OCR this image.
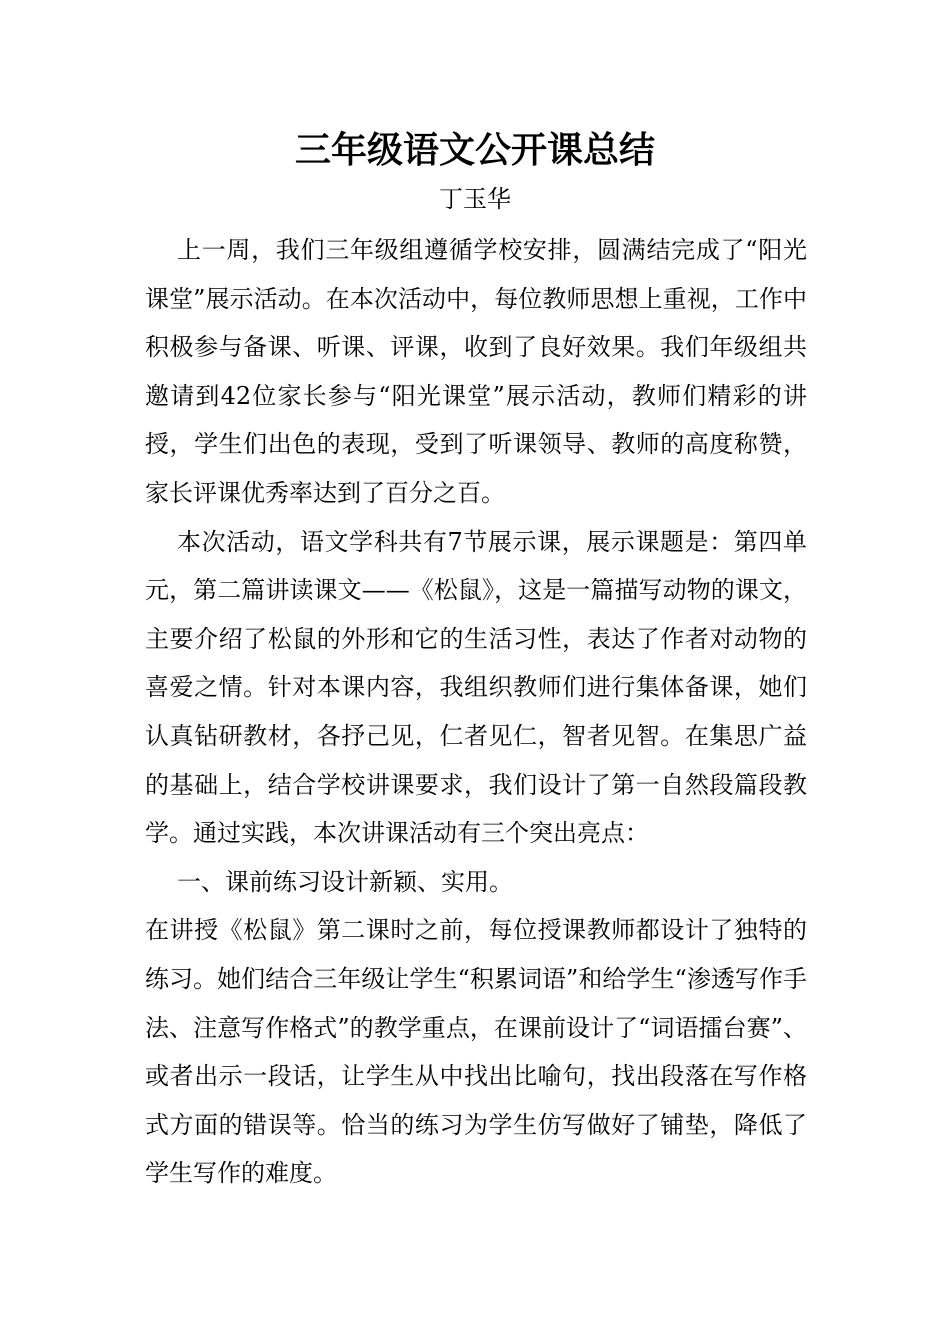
三年级语文公开课总结
丁玉华

上一周，我们三年级组遵循学校安排，圆满结完成了“阳光课堂”展示活动。在本次活动中，每位教师思想上重视，工作中积极参与备课、听课、评课，收到了良好效果。我们年级组共邀请到42位家长参与“阳光课堂”展示活动，教师们精彩的讲授，学生们出色的表现，受到了听课领导、教师的高度称赞，家长评课优秀率达到了百分之百。

本次活动，语文学科共有7节展示课，展示课题是：第四单元，第二篇讲读课文——《松鼠》，这是一篇描写动物的课文，主要介绍了松鼠的外形和它的生活习性，表达了作者对动物的喜爱之情。针对本课内容，我组织教师们进行集体备课，她们认真钻研教材，各抒己见，仁者见仁，智者见智。在集思广益的基础上，结合学校讲课要求，我们设计了第一自然段篇段教学。通过实践，本次讲课活动有三个突出亮点：

一、课前练习设计新颖、实用。

在讲授《松鼠》第二课时之前，每位授课教师都设计了独特的练习。她们结合三年级让学生“积累词语”和给学生“渗透写作手法、注意写作格式”的教学重点，在课前设计了“词语擂台赛”、或者出示一段话，让学生从中找出比喻句，找出段落在写作格式方面的错误等。恰当的练习为学生仿写做好了铺垫，降低了学生写作的难度。
